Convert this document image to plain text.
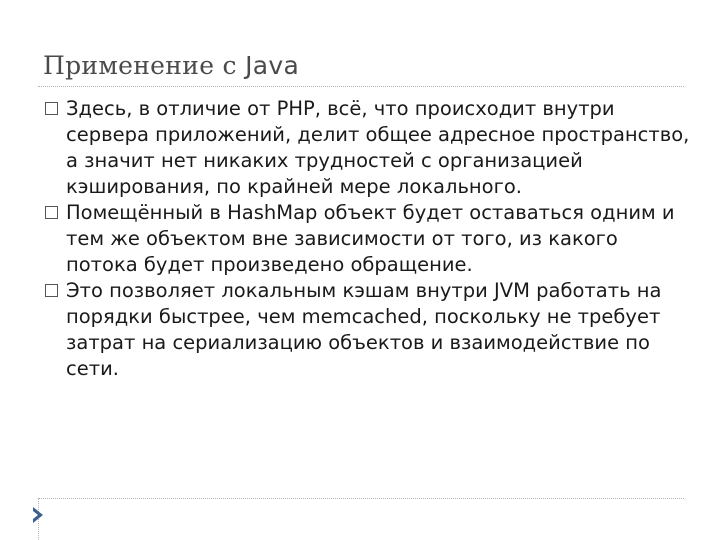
Применение с Java
Здесь, в отличие от PHP, всё, что происходит внутри сервера приложений, делит общее адресное пространство, а значит нет никаких трудностей с организацией кэширования, по крайней мере локального.
Помещённый в HashMap объект будет оставаться одним и тем же объектом вне зависимости от того, из какого потока будет произведено обращение.
Это позволяет локальным кэшам внутри JVM работать на порядки быстрее, чем memcached, поскольку не требует затрат на сериализацию объектов и взаимодействие по сети.
